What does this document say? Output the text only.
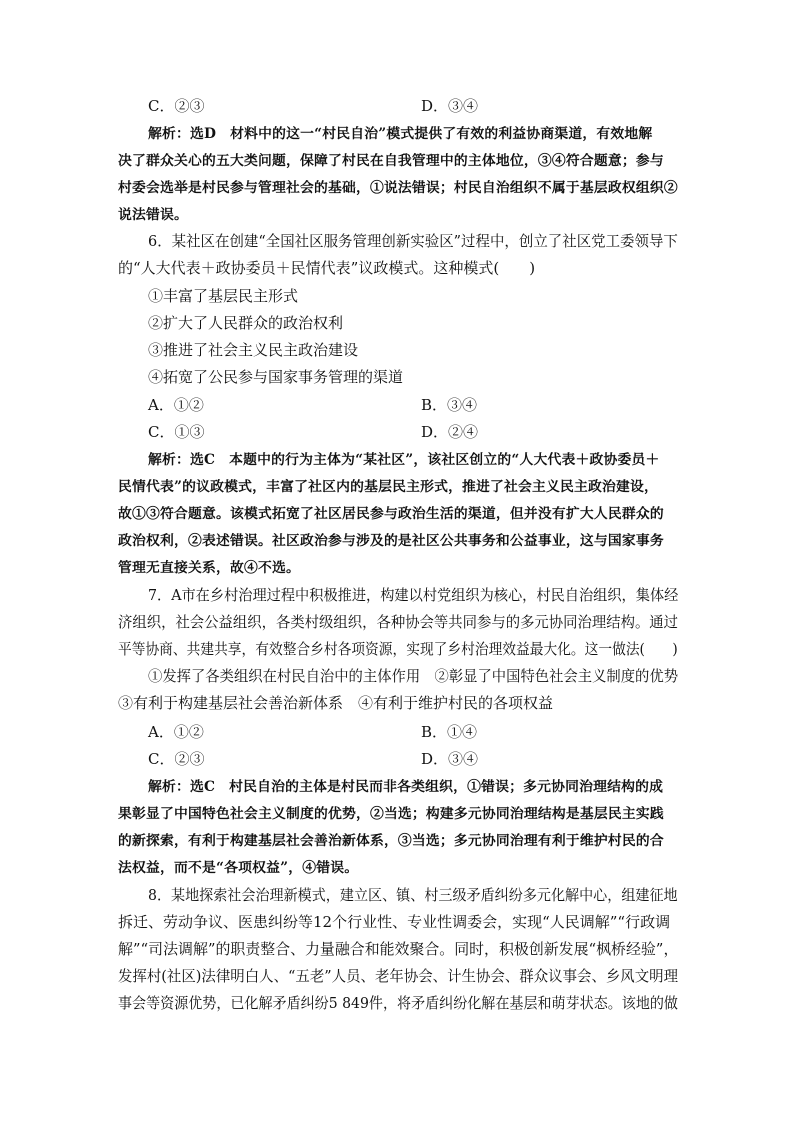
C．②③	D．③④
解析：选D　材料中的这一“村民自治”模式提供了有效的利益协商渠道，有效地解
决了群众关心的五大类问题，保障了村民在自我管理中的主体地位，③④符合题意；参与
村委会选举是村民参与管理社会的基础，①说法错误；村民自治组织不属于基层政权组织②
说法错误。
6．某社区在创建“全国社区服务管理创新实验区”过程中，创立了社区党工委领导下
的“人大代表＋政协委员＋民情代表”议政模式。这种模式(　　)
①丰富了基层民主形式
②扩大了人民群众的政治权利
③推进了社会主义民主政治建设
④拓宽了公民参与国家事务管理的渠道
A．①②	B．③④
C．①③	D．②④
解析：选C　本题中的行为主体为“某社区”，该社区创立的“人大代表＋政协委员＋
民情代表”的议政模式，丰富了社区内的基层民主形式，推进了社会主义民主政治建设，
故①③符合题意。该模式拓宽了社区居民参与政治生活的渠道，但并没有扩大人民群众的
政治权利，②表述错误。社区政治参与涉及的是社区公共事务和公益事业，这与国家事务
管理无直接关系，故④不选。
7．A市在乡村治理过程中积极推进，构建以村党组织为核心，村民自治组织，集体经
济组织，社会公益组织，各类村级组织，各种协会等共同参与的多元协同治理结构。通过
平等协商、共建共享，有效整合乡村各项资源，实现了乡村治理效益最大化。这一做法(　　)
①发挥了各类组织在村民自治中的主体作用　②彰显了中国特色社会主义制度的优势
③有利于构建基层社会善治新体系　④有利于维护村民的各项权益
A．①②	B．①④
C．②③	D．③④
解析：选C　村民自治的主体是村民而非各类组织，①错误；多元协同治理结构的成
果彰显了中国特色社会主义制度的优势，②当选；构建多元协同治理结构是基层民主实践
的新探索，有利于构建基层社会善治新体系，③当选；多元协同治理有利于维护村民的合
法权益，而不是“各项权益”，④错误。
8．某地探索社会治理新模式，建立区、镇、村三级矛盾纠纷多元化解中心，组建征地
拆迁、劳动争议、医患纠纷等12个行业性、专业性调委会，实现“人民调解”“行政调
解”“司法调解”的职责整合、力量融合和能效聚合。同时，积极创新发展“枫桥经验”，
发挥村(社区)法律明白人、“五老”人员、老年协会、计生协会、群众议事会、乡风文明理
事会等资源优势，已化解矛盾纠纷5 849件，将矛盾纠纷化解在基层和萌芽状态。该地的做
